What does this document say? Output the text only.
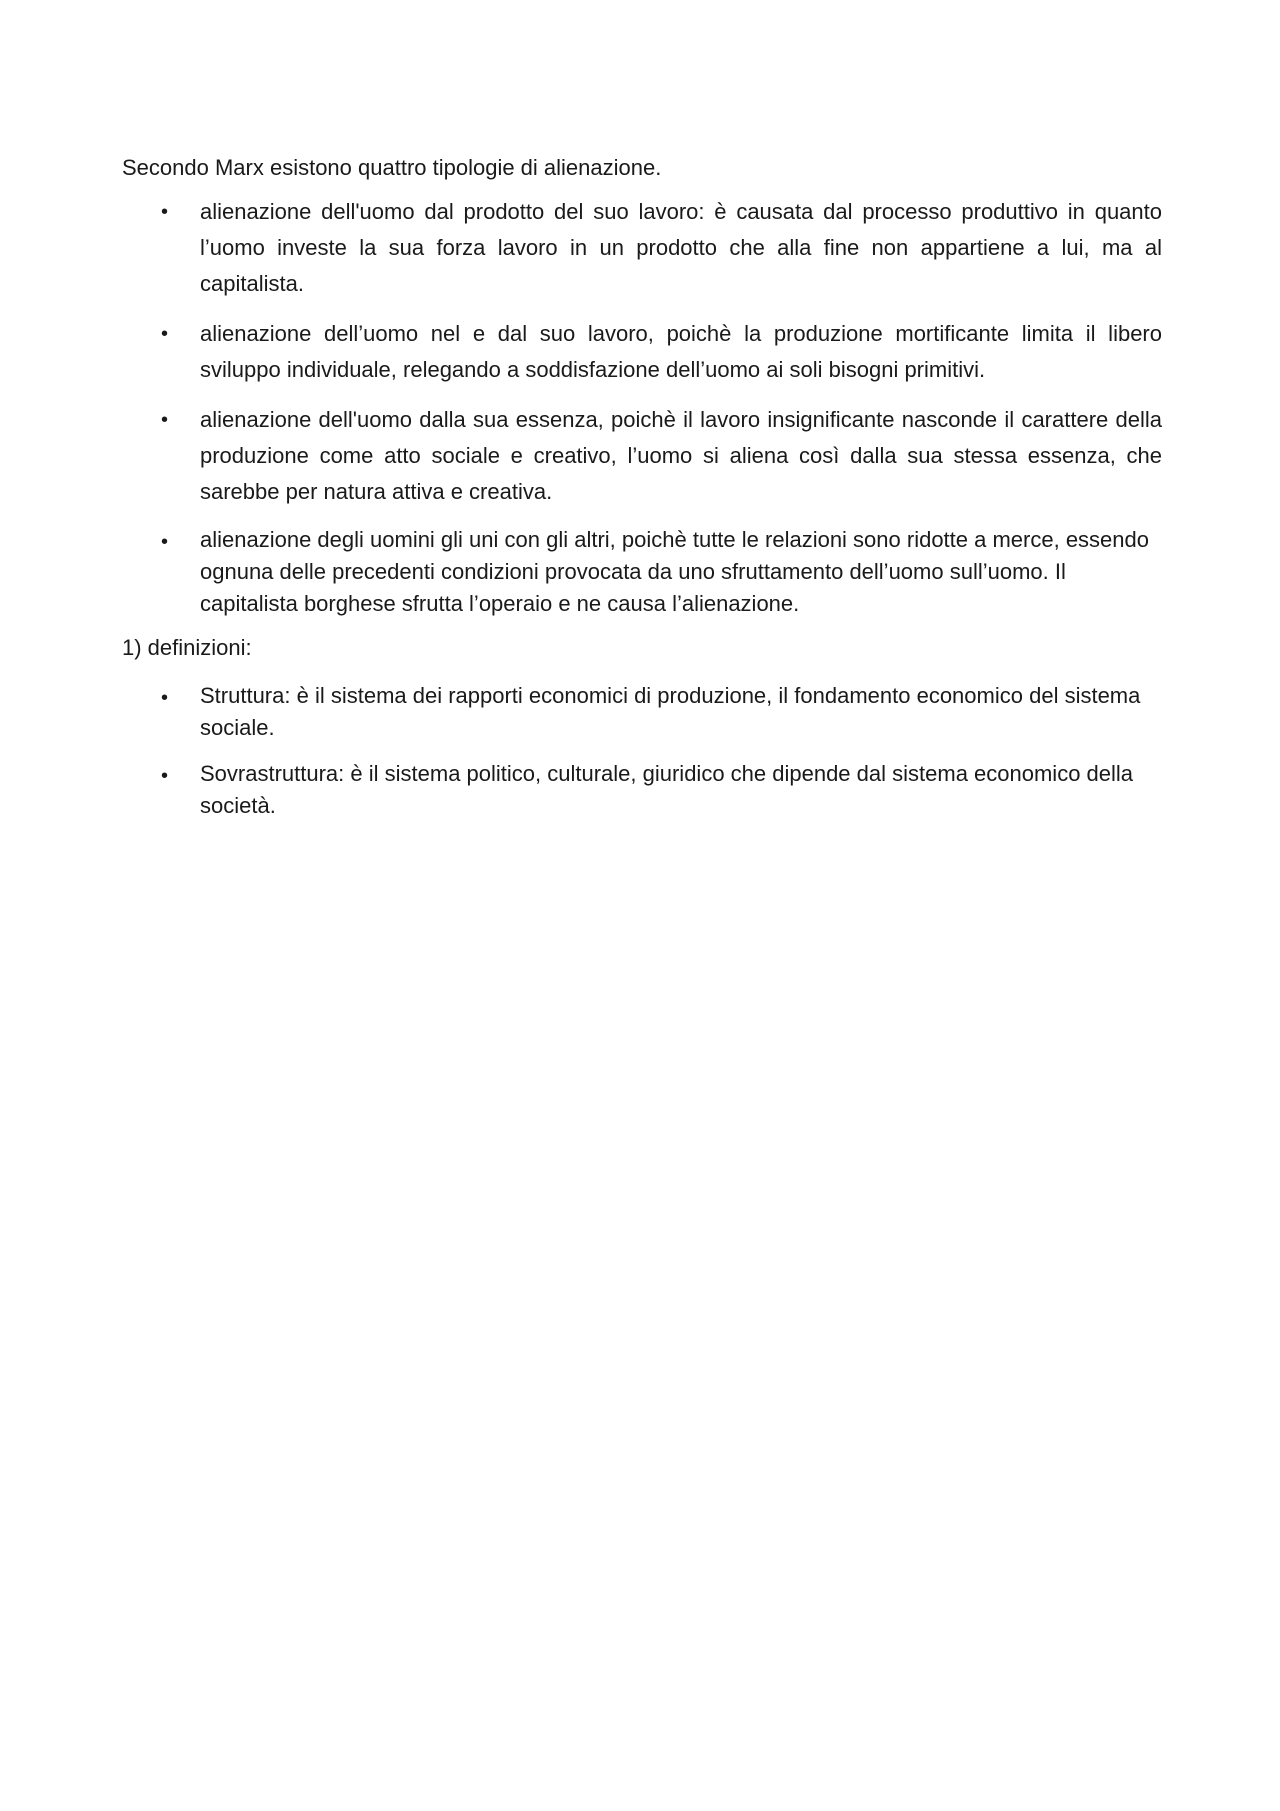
Secondo Marx esistono quattro tipologie di alienazione.

• alienazione dell'uomo dal prodotto del suo lavoro: è causata dal processo produttivo in quanto l’uomo investe la sua forza lavoro in un prodotto che alla fine non appartiene a lui, ma al capitalista.
• alienazione dell’uomo nel e dal suo lavoro, poichè la produzione mortificante limita il libero sviluppo individuale, relegando a soddisfazione dell’uomo ai soli bisogni primitivi.
• alienazione dell'uomo dalla sua essenza, poichè il lavoro insignificante nasconde il carattere della produzione come atto sociale e creativo, l’uomo si aliena così dalla sua stessa essenza, che sarebbe per natura attiva e creativa.
• alienazione degli uomini gli uni con gli altri, poichè tutte le relazioni sono ridotte a merce, essendo ognuna delle precedenti condizioni provocata da uno sfruttamento dell’uomo sull’uomo. Il capitalista borghese sfrutta l’operaio e ne causa l’alienazione.

1) definizioni:

• Struttura: è il sistema dei rapporti economici di produzione, il fondamento economico del sistema sociale.
• Sovrastruttura: è il sistema politico, culturale, giuridico che dipende dal sistema economico della società.
